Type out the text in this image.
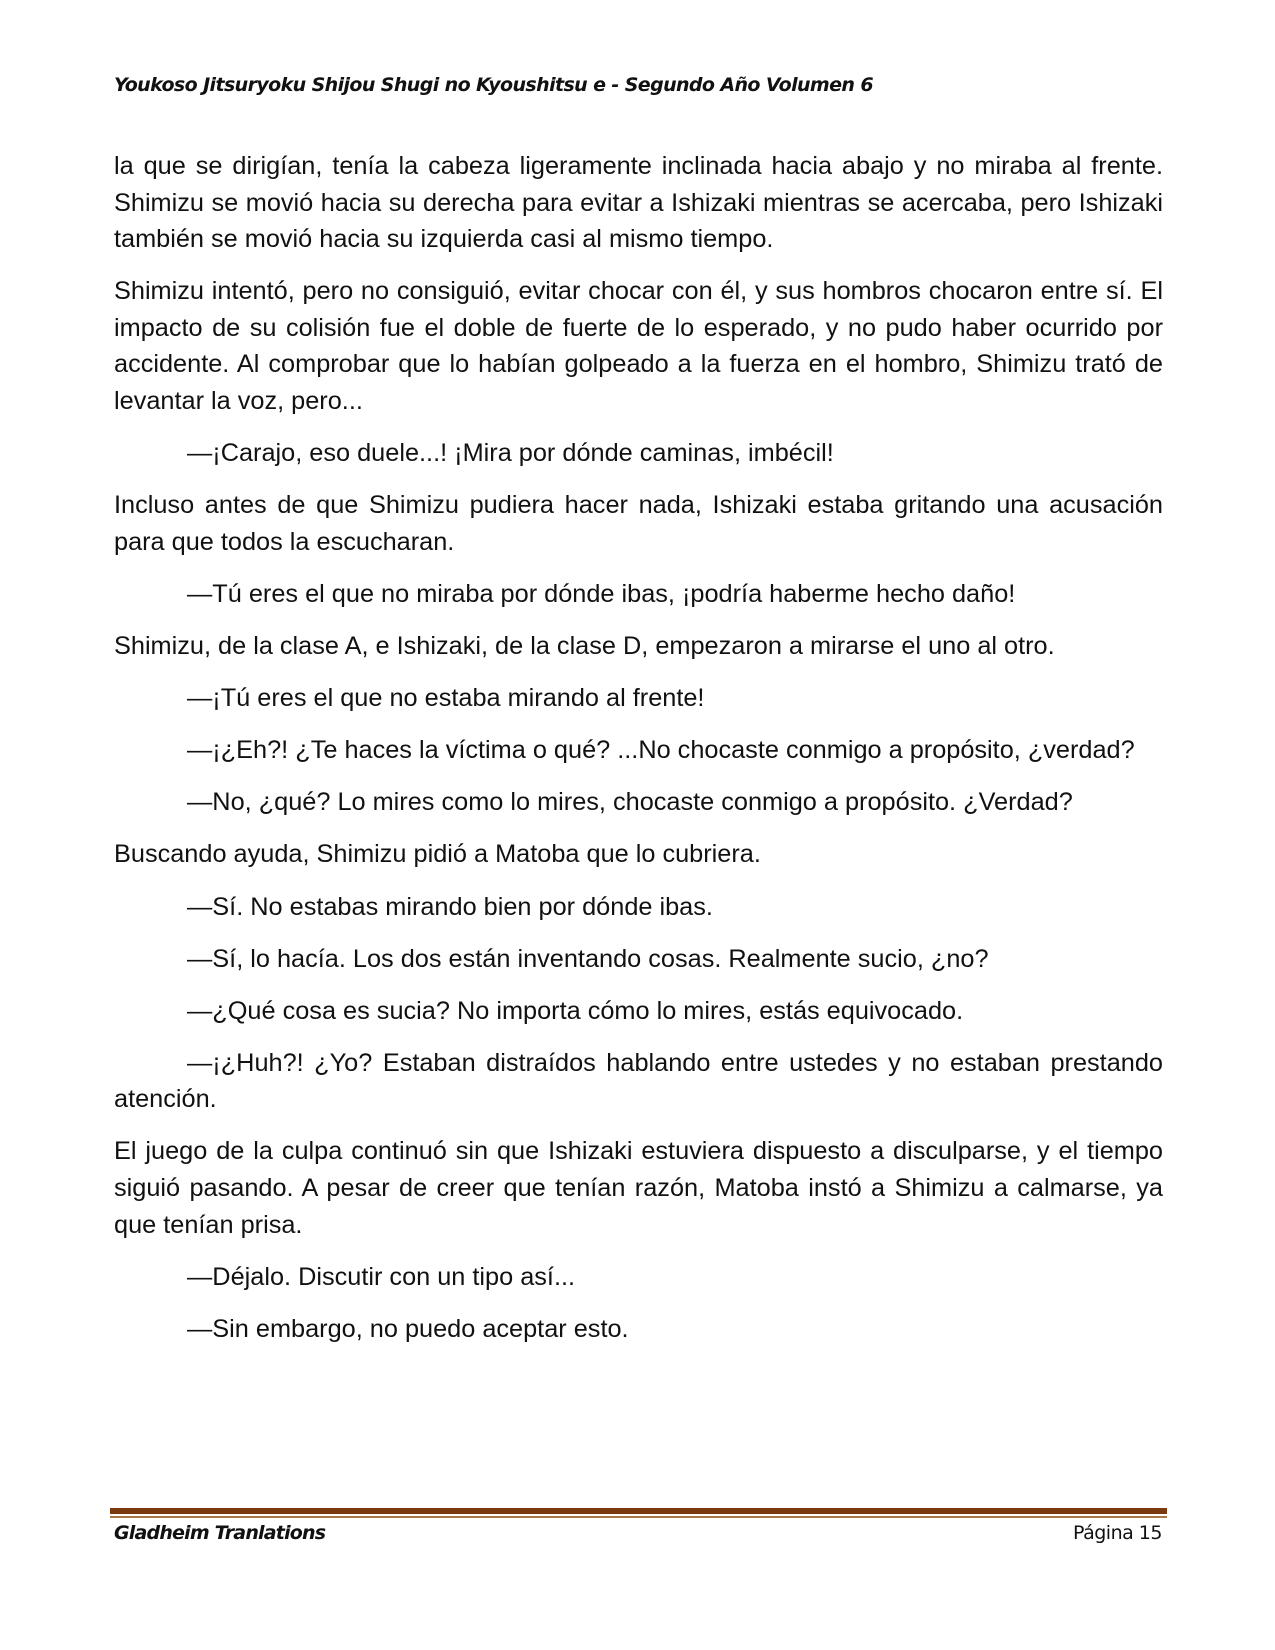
Youkoso Jitsuryoku Shijou Shugi no Kyoushitsu e - Segundo Año Volumen 6

la que se dirigían, tenía la cabeza ligeramente inclinada hacia abajo y no miraba al frente. Shimizu se movió hacia su derecha para evitar a Ishizaki mientras se acercaba, pero Ishizaki también se movió hacia su izquierda casi al mismo tiempo.

Shimizu intentó, pero no consiguió, evitar chocar con él, y sus hombros chocaron entre sí. El impacto de su colisión fue el doble de fuerte de lo esperado, y no pudo haber ocurrido por accidente. Al comprobar que lo habían golpeado a la fuerza en el hombro, Shimizu trató de levantar la voz, pero...

—¡Carajo, eso duele...! ¡Mira por dónde caminas, imbécil!

Incluso antes de que Shimizu pudiera hacer nada, Ishizaki estaba gritando una acusación para que todos la escucharan.

—Tú eres el que no miraba por dónde ibas, ¡podría haberme hecho daño!

Shimizu, de la clase A, e Ishizaki, de la clase D, empezaron a mirarse el uno al otro.

—¡Tú eres el que no estaba mirando al frente!

—¡¿Eh?! ¿Te haces la víctima o qué? ...No chocaste conmigo a propósito, ¿verdad?

—No, ¿qué? Lo mires como lo mires, chocaste conmigo a propósito. ¿Verdad?

Buscando ayuda, Shimizu pidió a Matoba que lo cubriera.

—Sí. No estabas mirando bien por dónde ibas.

—Sí, lo hacía. Los dos están inventando cosas. Realmente sucio, ¿no?

—¿Qué cosa es sucia? No importa cómo lo mires, estás equivocado.

—¡¿Huh?! ¿Yo? Estaban distraídos hablando entre ustedes y no estaban prestando atención.

El juego de la culpa continuó sin que Ishizaki estuviera dispuesto a disculparse, y el tiempo siguió pasando. A pesar de creer que tenían razón, Matoba instó a Shimizu a calmarse, ya que tenían prisa.

—Déjalo. Discutir con un tipo así...

—Sin embargo, no puedo aceptar esto.

Gladheim Tranlations	Página 15
